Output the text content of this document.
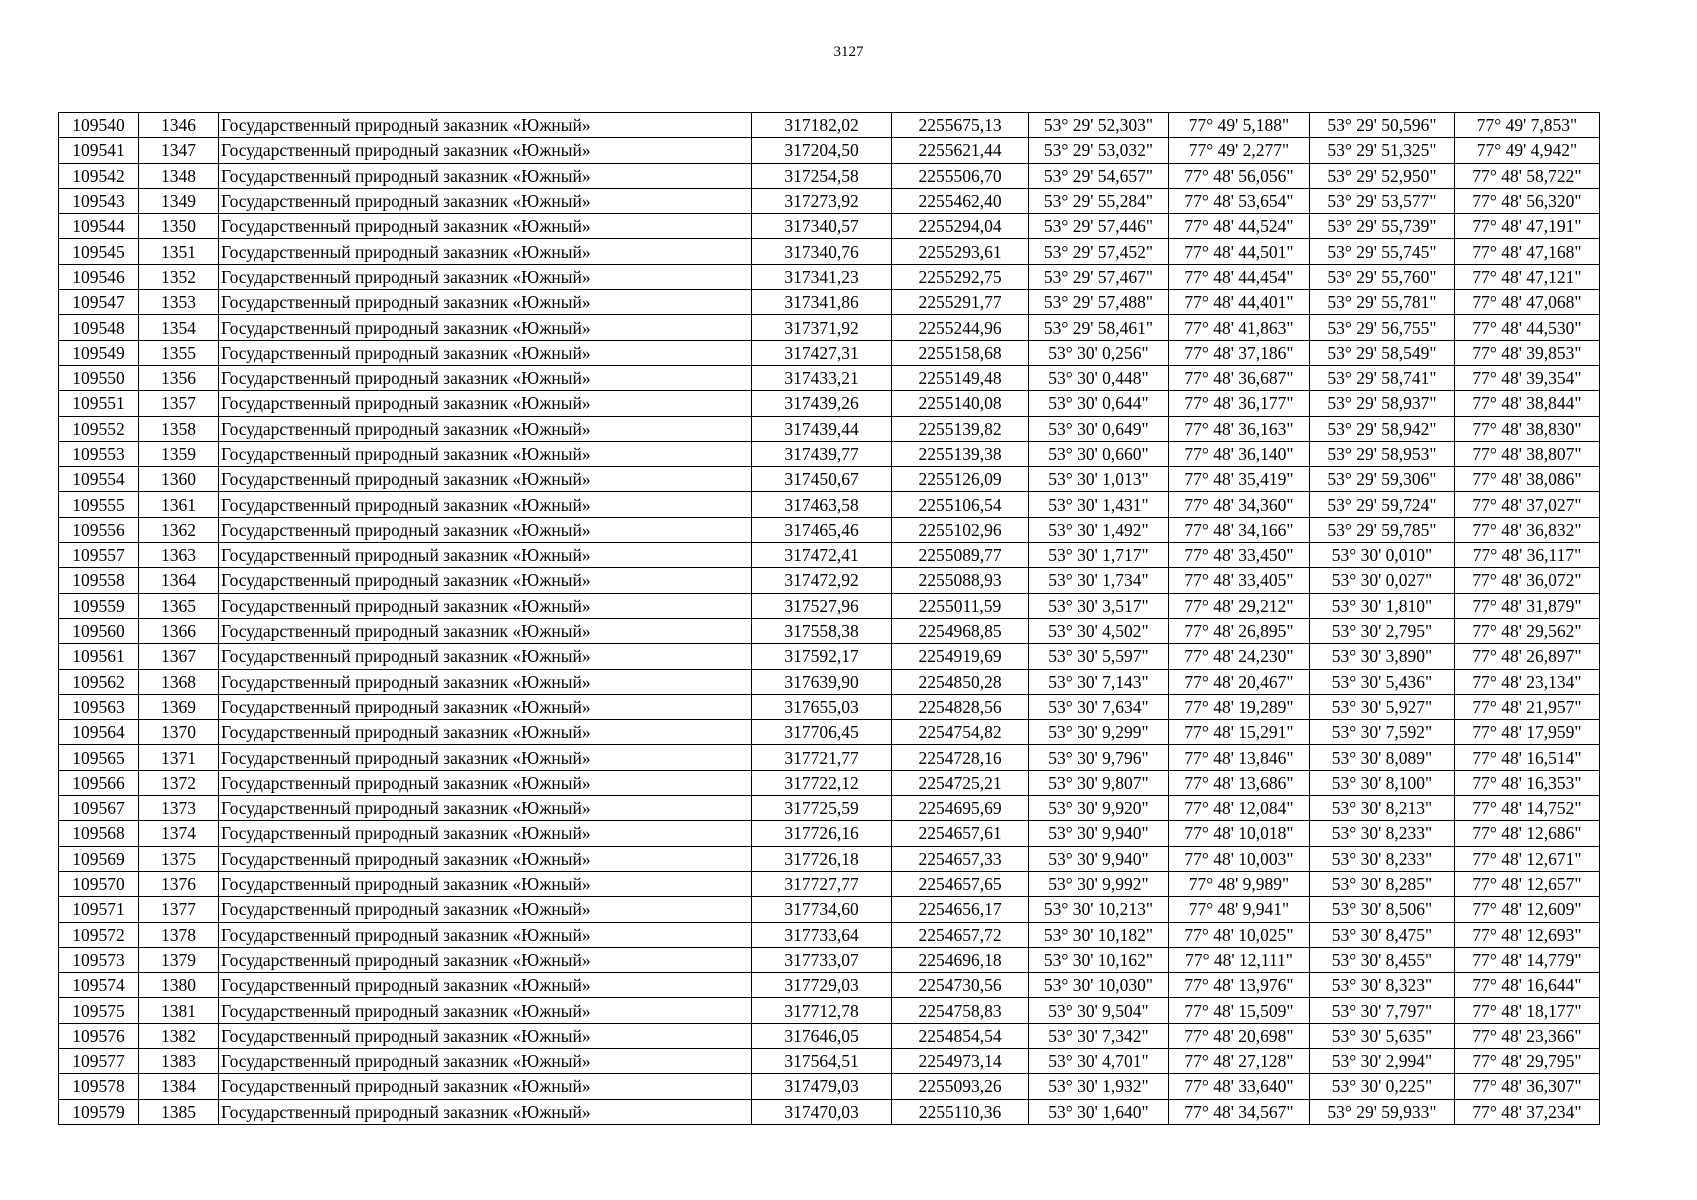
3127
109540	1346	Государственный природный заказник «Южный»	317182,02	2255675,13	53° 29' 52,303"	77° 49' 5,188"	53° 29' 50,596"	77° 49' 7,853"
109541	1347	Государственный природный заказник «Южный»	317204,50	2255621,44	53° 29' 53,032"	77° 49' 2,277"	53° 29' 51,325"	77° 49' 4,942"
109542	1348	Государственный природный заказник «Южный»	317254,58	2255506,70	53° 29' 54,657"	77° 48' 56,056"	53° 29' 52,950"	77° 48' 58,722"
109543	1349	Государственный природный заказник «Южный»	317273,92	2255462,40	53° 29' 55,284"	77° 48' 53,654"	53° 29' 53,577"	77° 48' 56,320"
109544	1350	Государственный природный заказник «Южный»	317340,57	2255294,04	53° 29' 57,446"	77° 48' 44,524"	53° 29' 55,739"	77° 48' 47,191"
109545	1351	Государственный природный заказник «Южный»	317340,76	2255293,61	53° 29' 57,452"	77° 48' 44,501"	53° 29' 55,745"	77° 48' 47,168"
109546	1352	Государственный природный заказник «Южный»	317341,23	2255292,75	53° 29' 57,467"	77° 48' 44,454"	53° 29' 55,760"	77° 48' 47,121"
109547	1353	Государственный природный заказник «Южный»	317341,86	2255291,77	53° 29' 57,488"	77° 48' 44,401"	53° 29' 55,781"	77° 48' 47,068"
109548	1354	Государственный природный заказник «Южный»	317371,92	2255244,96	53° 29' 58,461"	77° 48' 41,863"	53° 29' 56,755"	77° 48' 44,530"
109549	1355	Государственный природный заказник «Южный»	317427,31	2255158,68	53° 30' 0,256"	77° 48' 37,186"	53° 29' 58,549"	77° 48' 39,853"
109550	1356	Государственный природный заказник «Южный»	317433,21	2255149,48	53° 30' 0,448"	77° 48' 36,687"	53° 29' 58,741"	77° 48' 39,354"
109551	1357	Государственный природный заказник «Южный»	317439,26	2255140,08	53° 30' 0,644"	77° 48' 36,177"	53° 29' 58,937"	77° 48' 38,844"
109552	1358	Государственный природный заказник «Южный»	317439,44	2255139,82	53° 30' 0,649"	77° 48' 36,163"	53° 29' 58,942"	77° 48' 38,830"
109553	1359	Государственный природный заказник «Южный»	317439,77	2255139,38	53° 30' 0,660"	77° 48' 36,140"	53° 29' 58,953"	77° 48' 38,807"
109554	1360	Государственный природный заказник «Южный»	317450,67	2255126,09	53° 30' 1,013"	77° 48' 35,419"	53° 29' 59,306"	77° 48' 38,086"
109555	1361	Государственный природный заказник «Южный»	317463,58	2255106,54	53° 30' 1,431"	77° 48' 34,360"	53° 29' 59,724"	77° 48' 37,027"
109556	1362	Государственный природный заказник «Южный»	317465,46	2255102,96	53° 30' 1,492"	77° 48' 34,166"	53° 29' 59,785"	77° 48' 36,832"
109557	1363	Государственный природный заказник «Южный»	317472,41	2255089,77	53° 30' 1,717"	77° 48' 33,450"	53° 30' 0,010"	77° 48' 36,117"
109558	1364	Государственный природный заказник «Южный»	317472,92	2255088,93	53° 30' 1,734"	77° 48' 33,405"	53° 30' 0,027"	77° 48' 36,072"
109559	1365	Государственный природный заказник «Южный»	317527,96	2255011,59	53° 30' 3,517"	77° 48' 29,212"	53° 30' 1,810"	77° 48' 31,879"
109560	1366	Государственный природный заказник «Южный»	317558,38	2254968,85	53° 30' 4,502"	77° 48' 26,895"	53° 30' 2,795"	77° 48' 29,562"
109561	1367	Государственный природный заказник «Южный»	317592,17	2254919,69	53° 30' 5,597"	77° 48' 24,230"	53° 30' 3,890"	77° 48' 26,897"
109562	1368	Государственный природный заказник «Южный»	317639,90	2254850,28	53° 30' 7,143"	77° 48' 20,467"	53° 30' 5,436"	77° 48' 23,134"
109563	1369	Государственный природный заказник «Южный»	317655,03	2254828,56	53° 30' 7,634"	77° 48' 19,289"	53° 30' 5,927"	77° 48' 21,957"
109564	1370	Государственный природный заказник «Южный»	317706,45	2254754,82	53° 30' 9,299"	77° 48' 15,291"	53° 30' 7,592"	77° 48' 17,959"
109565	1371	Государственный природный заказник «Южный»	317721,77	2254728,16	53° 30' 9,796"	77° 48' 13,846"	53° 30' 8,089"	77° 48' 16,514"
109566	1372	Государственный природный заказник «Южный»	317722,12	2254725,21	53° 30' 9,807"	77° 48' 13,686"	53° 30' 8,100"	77° 48' 16,353"
109567	1373	Государственный природный заказник «Южный»	317725,59	2254695,69	53° 30' 9,920"	77° 48' 12,084"	53° 30' 8,213"	77° 48' 14,752"
109568	1374	Государственный природный заказник «Южный»	317726,16	2254657,61	53° 30' 9,940"	77° 48' 10,018"	53° 30' 8,233"	77° 48' 12,686"
109569	1375	Государственный природный заказник «Южный»	317726,18	2254657,33	53° 30' 9,940"	77° 48' 10,003"	53° 30' 8,233"	77° 48' 12,671"
109570	1376	Государственный природный заказник «Южный»	317727,77	2254657,65	53° 30' 9,992"	77° 48' 9,989"	53° 30' 8,285"	77° 48' 12,657"
109571	1377	Государственный природный заказник «Южный»	317734,60	2254656,17	53° 30' 10,213"	77° 48' 9,941"	53° 30' 8,506"	77° 48' 12,609"
109572	1378	Государственный природный заказник «Южный»	317733,64	2254657,72	53° 30' 10,182"	77° 48' 10,025"	53° 30' 8,475"	77° 48' 12,693"
109573	1379	Государственный природный заказник «Южный»	317733,07	2254696,18	53° 30' 10,162"	77° 48' 12,111"	53° 30' 8,455"	77° 48' 14,779"
109574	1380	Государственный природный заказник «Южный»	317729,03	2254730,56	53° 30' 10,030"	77° 48' 13,976"	53° 30' 8,323"	77° 48' 16,644"
109575	1381	Государственный природный заказник «Южный»	317712,78	2254758,83	53° 30' 9,504"	77° 48' 15,509"	53° 30' 7,797"	77° 48' 18,177"
109576	1382	Государственный природный заказник «Южный»	317646,05	2254854,54	53° 30' 7,342"	77° 48' 20,698"	53° 30' 5,635"	77° 48' 23,366"
109577	1383	Государственный природный заказник «Южный»	317564,51	2254973,14	53° 30' 4,701"	77° 48' 27,128"	53° 30' 2,994"	77° 48' 29,795"
109578	1384	Государственный природный заказник «Южный»	317479,03	2255093,26	53° 30' 1,932"	77° 48' 33,640"	53° 30' 0,225"	77° 48' 36,307"
109579	1385	Государственный природный заказник «Южный»	317470,03	2255110,36	53° 30' 1,640"	77° 48' 34,567"	53° 29' 59,933"	77° 48' 37,234"
